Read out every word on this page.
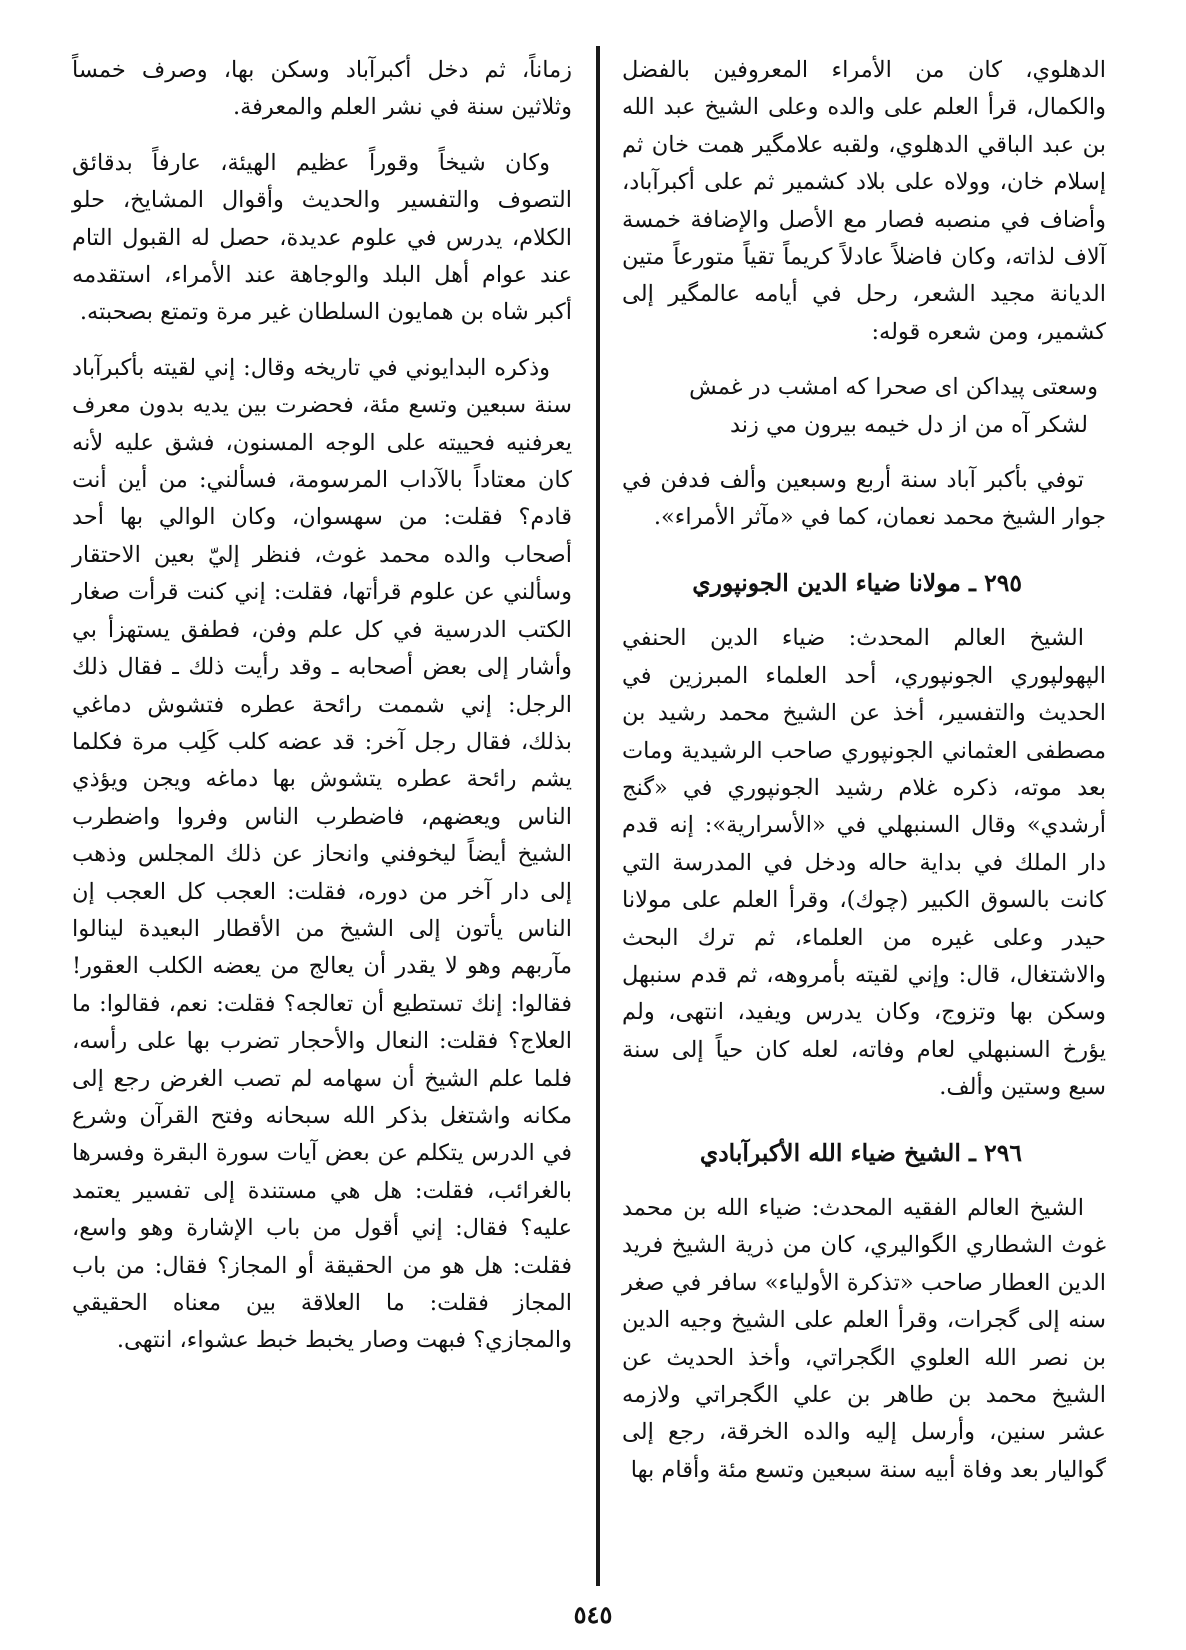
الدهلوي، كان من الأمراء المعروفين بالفضل والكمال، قرأ العلم على والده وعلى الشيخ عبد الله بن عبد الباقي الدهلوي، ولقبه علامگير همت خان ثم إسلام خان، وولاه على بلاد كشمير ثم على أكبرآباد، وأضاف في منصبه فصار مع الأصل والإضافة خمسة آلاف لذاته، وكان فاضلاً عادلاً كريماً تقياً متورعاً متين الديانة مجيد الشعر، رحل في أيامه عالمگير إلى كشمير، ومن شعره قوله:

وسعتى پيداكن اى صحرا كه امشب در غمش
لشكر آه من از دل خيمه بيرون مي زند

توفي بأكبر آباد سنة أربع وسبعين وألف فدفن في جوار الشيخ محمد نعمان، كما في «مآثر الأمراء».

٢٩٥ ـ مولانا ضياء الدين الجونپوري

الشيخ العالم المحدث: ضياء الدين الحنفي الپهولپوري الجونپوري، أحد العلماء المبرزين في الحديث والتفسير، أخذ عن الشيخ محمد رشيد بن مصطفى العثماني الجونپوري صاحب الرشيدية ومات بعد موته، ذكره غلام رشيد الجونپوري في «گنج أرشدي» وقال السنبهلي في «الأسرارية»: إنه قدم دار الملك في بداية حاله ودخل في المدرسة التي كانت بالسوق الكبير (چوك)، وقرأ العلم على مولانا حيدر وعلى غيره من العلماء، ثم ترك البحث والاشتغال، قال: وإني لقيته بأمروهه، ثم قدم سنبهل وسكن بها وتزوج، وكان يدرس ويفيد، انتهى، ولم يؤرخ السنبهلي لعام وفاته، لعله كان حياً إلى سنة سبع وستين وألف.

٢٩٦ ـ الشيخ ضياء الله الأكبرآبادي

الشيخ العالم الفقيه المحدث: ضياء الله بن محمد غوث الشطاري الگواليري، كان من ذرية الشيخ فريد الدين العطار صاحب «تذكرة الأولياء» سافر في صغر سنه إلى گجرات، وقرأ العلم على الشيخ وجيه الدين بن نصر الله العلوي الگجراتي، وأخذ الحديث عن الشيخ محمد بن طاهر بن علي الگجراتي ولازمه عشر سنين، وأرسل إليه والده الخرقة، رجع إلى گواليار بعد وفاة أبيه سنة سبعين وتسع مئة وأقام بها

زماناً، ثم دخل أكبرآباد وسكن بها، وصرف خمساً وثلاثين سنة في نشر العلم والمعرفة.

وكان شيخاً وقوراً عظيم الهيئة، عارفاً بدقائق التصوف والتفسير والحديث وأقوال المشايخ، حلو الكلام، يدرس في علوم عديدة، حصل له القبول التام عند عوام أهل البلد والوجاهة عند الأمراء، استقدمه أكبر شاه بن همايون السلطان غير مرة وتمتع بصحبته.

وذكره البدايوني في تاريخه وقال: إني لقيته بأكبرآباد سنة سبعين وتسع مئة، فحضرت بين يديه بدون معرف يعرفنيه فحييته على الوجه المسنون، فشق عليه لأنه كان معتاداً بالآداب المرسومة، فسألني: من أين أنت قادم؟ فقلت: من سهسوان، وكان الوالي بها أحد أصحاب والده محمد غوث، فنظر إليّ بعين الاحتقار وسألني عن علوم قرأتها، فقلت: إني كنت قرأت صغار الكتب الدرسية في كل علم وفن، فطفق يستهزأ بي وأشار إلى بعض أصحابه ـ وقد رأيت ذلك ـ فقال ذلك الرجل: إني شممت رائحة عطره فتشوش دماغي بذلك، فقال رجل آخر: قد عضه كلب كَلِب مرة فكلما يشم رائحة عطره يتشوش بها دماغه ويجن ويؤذي الناس ويعضهم، فاضطرب الناس وفروا واضطرب الشيخ أيضاً ليخوفني وانحاز عن ذلك المجلس وذهب إلى دار آخر من دوره، فقلت: العجب كل العجب إن الناس يأتون إلى الشيخ من الأقطار البعيدة لينالوا مآربهم وهو لا يقدر أن يعالج من يعضه الكلب العقور! فقالوا: إنك تستطيع أن تعالجه؟ فقلت: نعم، فقالوا: ما العلاج؟ فقلت: النعال والأحجار تضرب بها على رأسه، فلما علم الشيخ أن سهامه لم تصب الغرض رجع إلى مكانه واشتغل بذكر الله سبحانه وفتح القرآن وشرع في الدرس يتكلم عن بعض آيات سورة البقرة وفسرها بالغرائب، فقلت: هل هي مستندة إلى تفسير يعتمد عليه؟ فقال: إني أقول من باب الإشارة وهو واسع، فقلت: هل هو من الحقيقة أو المجاز؟ فقال: من باب المجاز فقلت: ما العلاقة بين معناه الحقيقي والمجازي؟ فبهت وصار يخبط خبط عشواء، انتهى.

٥٤٥
